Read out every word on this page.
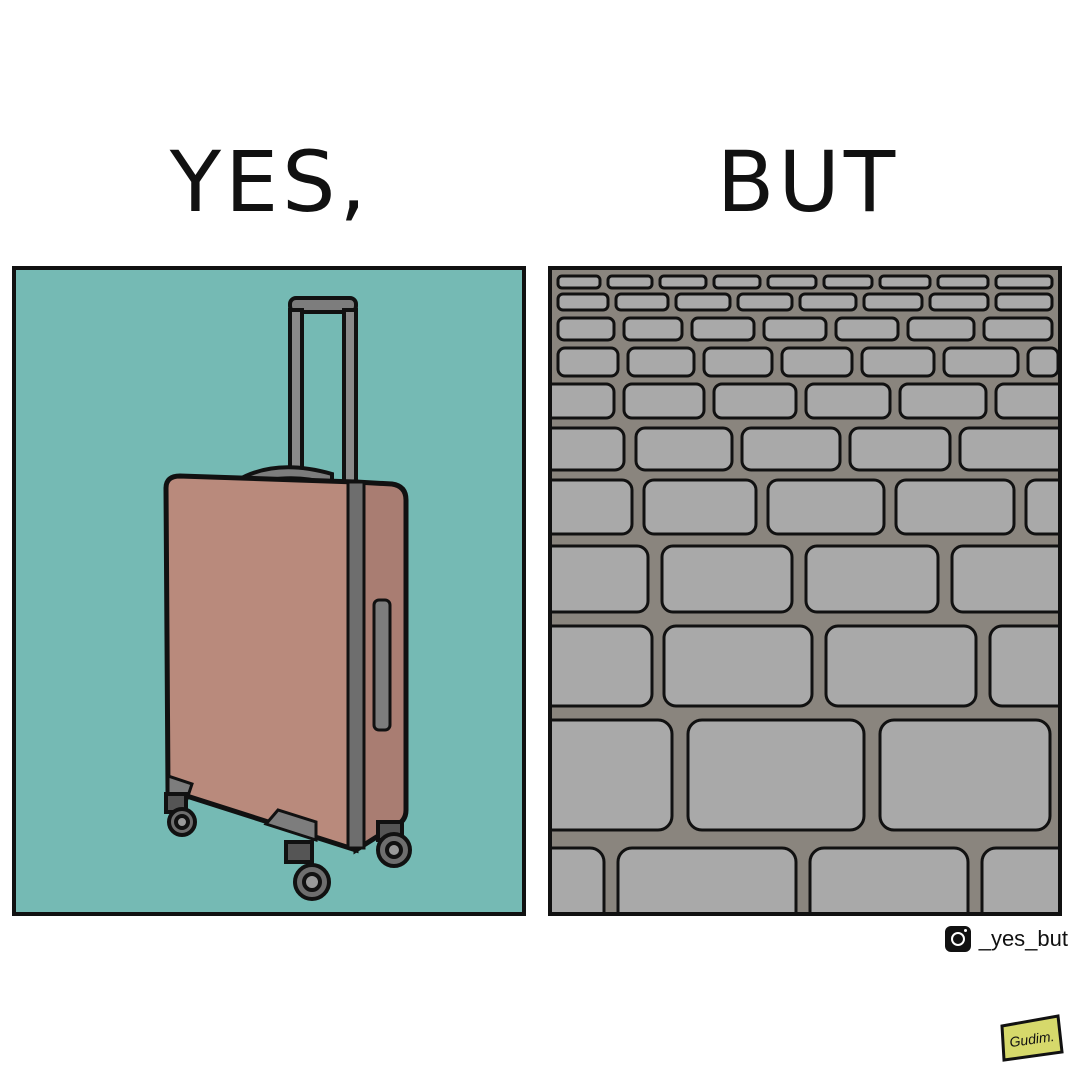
YES,	BUT
_yes_but
Gudim.
